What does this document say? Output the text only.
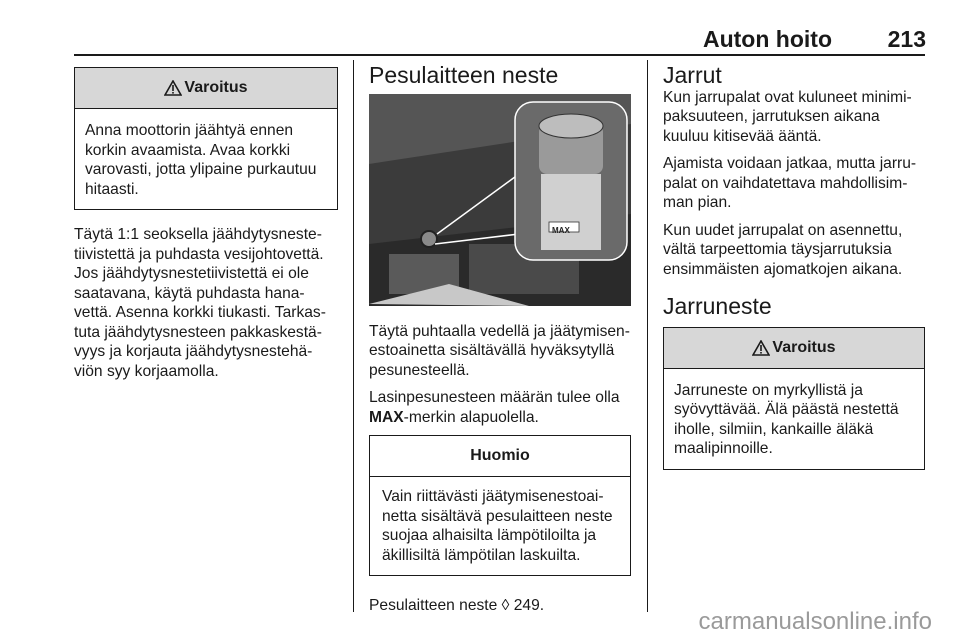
Auton hoito 213
Varoitus
Anna moottorin jäähtyä ennen korkin avaamista. Avaa korkki varovasti, jotta ylipaine purkautuu hitaasti.

Täytä 1:1 seoksella jäähdytysneste-tiivistettä ja puhdasta vesijohtovettä. Jos jäähdytysnestetiivistettä ei ole saatavana, käytä puhdasta hana-vettä. Asenna korkki tiukasti. Tarkas-tuta jäähdytysnesteen pakkaskestä-vyys ja korjauta jäähdytysnestehä-viön syy korjaamolla.

Pesulaitteen neste
MAX

Täytä puhtaalla vedellä ja jäätymisen-estoainetta sisältävällä hyväksytyllä pesunesteellä.

Lasinpesunesteen määrän tulee olla
MAX-merkin alapuolella.

Huomio
Vain riittävästi jäätymisenestoai-netta sisältävä pesulaitteen neste suojaa alhaisilta lämpötiloilta ja äkillisiltä lämpötilan laskuilta.

Pesulaitteen neste ◊ 249.

Jarrut

Kun jarrupalat ovat kuluneet minimi-paksuuteen, jarrutuksen aikana kuuluu kitisevää ääntä.

Ajamista voidaan jatkaa, mutta jarru-palat on vaihdatettava mahdollisim-man pian.

Kun uudet jarrupalat on asennettu, vältä tarpeettomia täysjarrutuksia ensimmäisten ajomatkojen aikana.

Jarruneste
Varoitus
Jarruneste on myrkyllistä ja syövyttävää. Älä päästä nestettä iholle, silmiin, kankaille äläkä maalipinnoille.
carmanualsonline.info
